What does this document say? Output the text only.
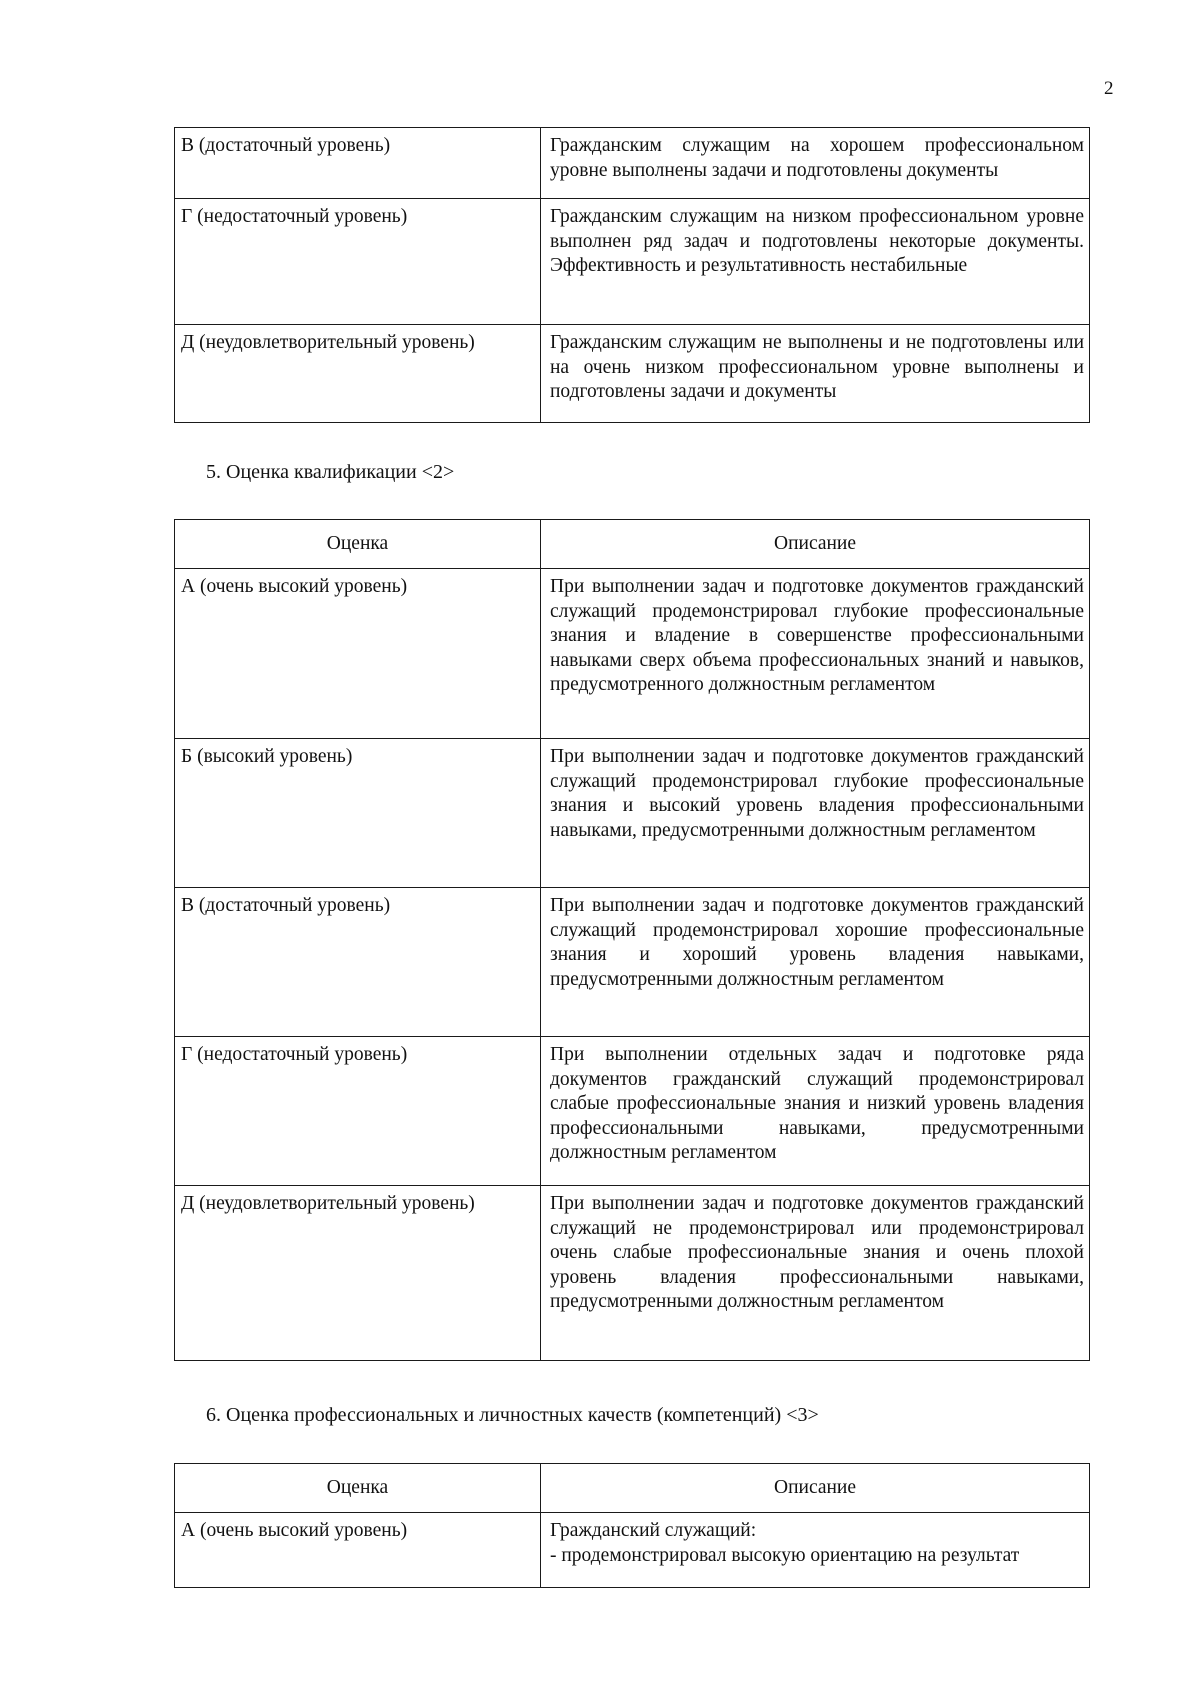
2
В (достаточный уровень)	Гражданским служащим на хорошем профессиональном уровне выполнены задачи и подготовлены документы
Г (недостаточный уровень)	Гражданским служащим на низком профессиональном уровне выполнен ряд задач и подготовлены некоторые документы. Эффективность и результативность нестабильные
Д (неудовлетворительный уровень)	Гражданским служащим не выполнены и не подготовлены или на очень низком профессиональном уровне выполнены и подготовлены задачи и документы
5. Оценка квалификации <2>
Оценка	Описание
А (очень высокий уровень)	При выполнении задач и подготовке документов гражданский служащий продемонстрировал глубокие профессиональные знания и владение в совершенстве профессиональными навыками сверх объема профессиональных знаний и навыков, предусмотренного должностным регламентом
Б (высокий уровень)	При выполнении задач и подготовке документов гражданский служащий продемонстрировал глубокие профессиональные знания и высокий уровень владения профессиональными навыками, предусмотренными должностным регламентом
В (достаточный уровень)	При выполнении задач и подготовке документов гражданский служащий продемонстрировал хорошие профессиональные знания и хороший уровень владения навыками, предусмотренными должностным регламентом
Г (недостаточный уровень)	При выполнении отдельных задач и подготовке ряда документов гражданский служащий продемонстрировал слабые профессиональные знания и низкий уровень владения профессиональными навыками, предусмотренными должностным регламентом
Д (неудовлетворительный уровень)	При выполнении задач и подготовке документов гражданский служащий не продемонстрировал или продемонстрировал очень слабые профессиональные знания и очень плохой уровень владения профессиональными навыками, предусмотренными должностным регламентом
6. Оценка профессиональных и личностных качеств (компетенций) <3>
Оценка	Описание
А (очень высокий уровень)	Гражданский служащий:
- продемонстрировал высокую ориентацию на результат
